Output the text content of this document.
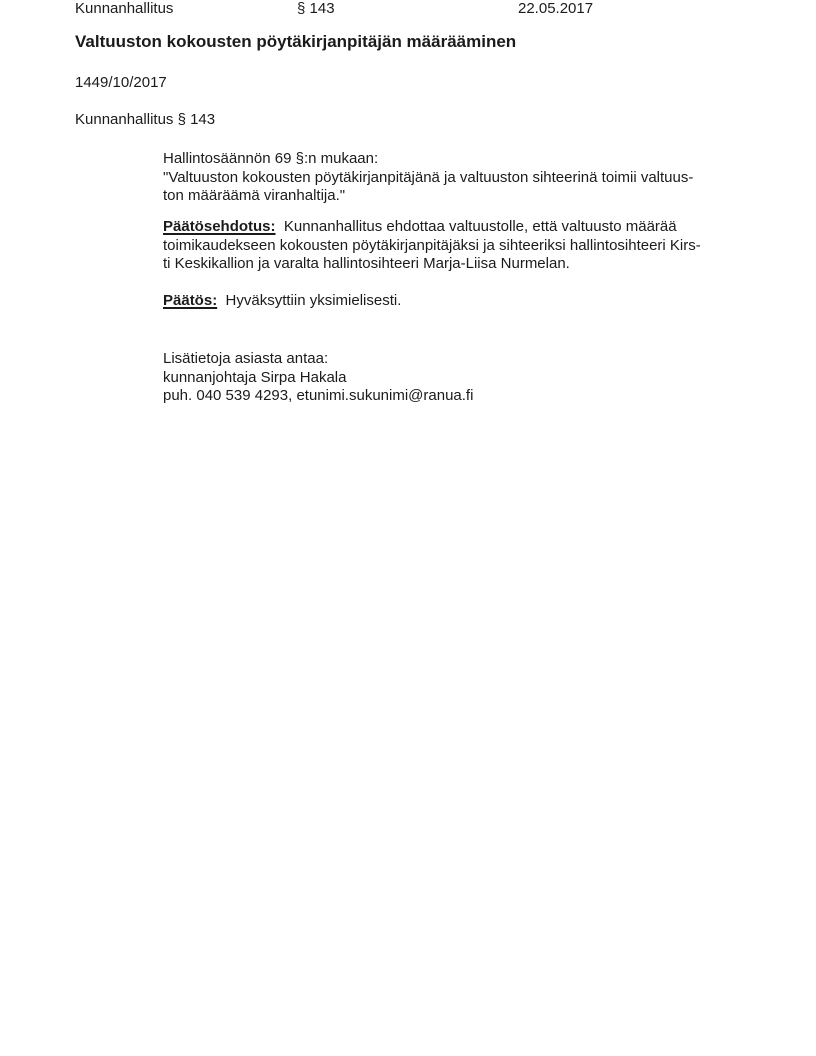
Kunnanhallitus	§ 143	22.05.2017
Valtuuston kokousten pöytäkirjanpitäjän määrääminen
1449/10/2017
Kunnanhallitus § 143
Hallintosäännön 69 §:n mukaan:
"Valtuuston kokousten pöytäkirjanpitäjänä ja valtuuston sihteerinä toimii valtuus-
ton määräämä viranhaltija."
Päätösehdotus:  Kunnanhallitus ehdottaa valtuustolle, että valtuusto määrää
toimikaudekseen kokousten pöytäkirjanpitäjäksi ja sihteeriksi hallintosihteeri Kirs-
ti Keskikallion ja varalta hallintosihteeri Marja-Liisa Nurmelan.
Päätös:  Hyväksyttiin yksimielisesti.
Lisätietoja asiasta antaa:
kunnanjohtaja Sirpa Hakala
puh. 040 539 4293, etunimi.sukunimi@ranua.fi
